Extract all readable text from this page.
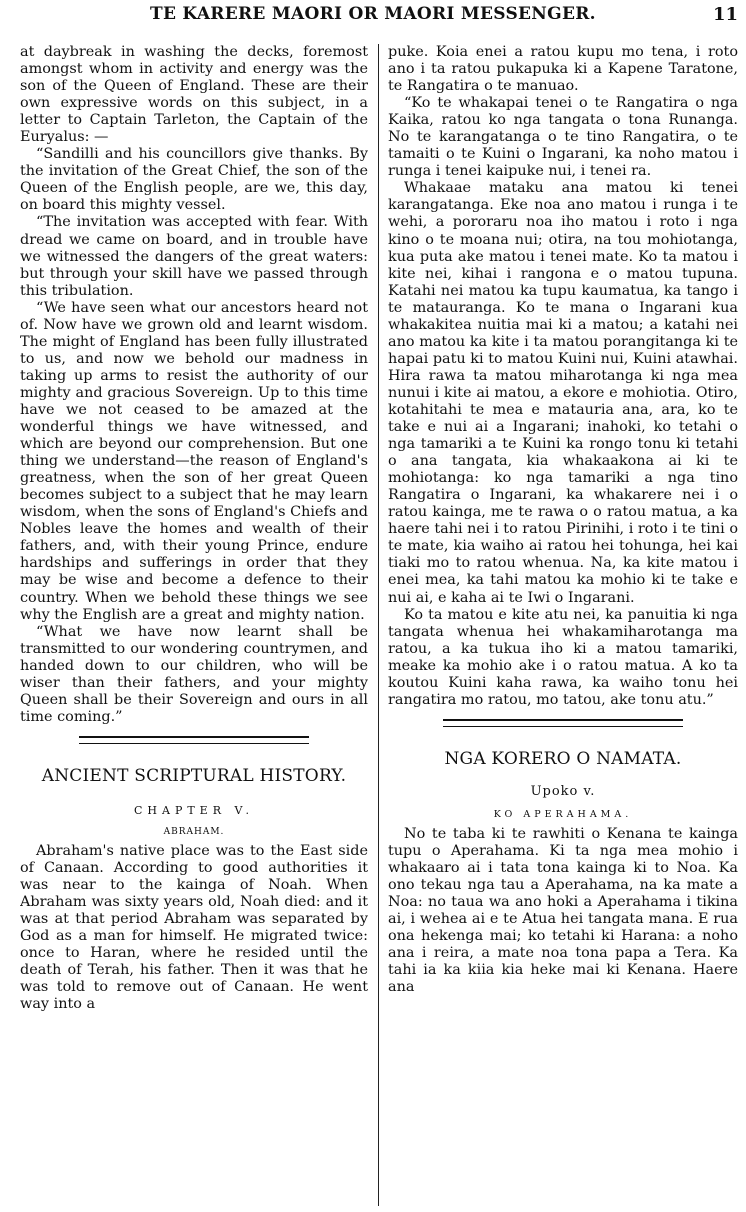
TE KARERE MAORI OR MAORI MESSENGER.	11

at daybreak in washing the decks, foremost amongst whom in activity and energy was the son of the Queen of England. These are their own expressive words on this subject, in a letter to Captain Tarleton, the Captain of the Euryalus: —

“Sandilli and his councillors give thanks. By the invitation of the Great Chief, the son of the Queen of the English people, are we, this day, on board this mighty vessel.

“The invitation was accepted with fear. With dread we came on board, and in trouble have we witnessed the dangers of the great waters: but through your skill have we passed through this tribulation.

“We have seen what our ancestors heard not of. Now have we grown old and learnt wisdom. The might of England has been fully illustrated to us, and now we behold our madness in taking up arms to resist the authority of our mighty and gracious Sovereign. Up to this time have we not ceased to be amazed at the wonderful things we have witnessed, and which are beyond our comprehension. But one thing we understand—the reason of England's greatness, when the son of her great Queen becomes subject to a subject that he may learn wisdom, when the sons of England's Chiefs and Nobles leave the homes and wealth of their fathers, and, with their young Prince, endure hardships and sufferings in order that they may be wise and become a defence to their country. When we behold these things we see why the English are a great and mighty nation.

“What we have now learnt shall be transmitted to our wondering countrymen, and handed down to our children, who will be wiser than their fathers, and your mighty Queen shall be their Sovereign and ours in all time coming.”

ANCIENT SCRIPTURAL HISTORY.
CHAPTER V.
ABRAHAM.

Abraham's native place was to the East side of Canaan. According to good authorities it was near to the kainga of Noah. When Abraham was sixty years old, Noah died: and it was at that period Abraham was separated by God as a man for himself. He migrated twice: once to Haran, where he resided until the death of Terah, his father. Then it was that he was told to remove out of Canaan. He went way into a

puke. Koia enei a ratou kupu mo tena, i roto ano i ta ratou pukapuka ki a Kapene Taratone, te Rangatira o te manuao.

“Ko te whakapai tenei o te Rangatira o nga Kaika, ratou ko nga tangata o tona Runanga. No te karangatanga o te tino Rangatira, o te tamaiti o te Kuini o Ingarani, ka noho matou i runga i tenei kaipuke nui, i tenei ra.

Whakaae mataku ana matou ki tenei karangatanga. Eke noa ano matou i runga i te wehi, a pororaru noa iho matou i roto i nga kino o te moana nui; otira, na tou mohiotanga, kua puta ake matou i tenei mate. Ko ta matou i kite nei, kihai i rangona e o matou tupuna. Katahi nei matou ka tupu kaumatua, ka tango i te matauranga. Ko te mana o Ingarani kua whakakitea nuitia mai ki a matou; a katahi nei ano matou ka kite i ta matou porangitanga ki te hapai patu ki to matou Kuini nui, Kuini atawhai. Hira rawa ta matou miharotanga ki nga mea nunui i kite ai matou, a ekore e mohiotia. Otiro, kotahitahi te mea e matauria ana, ara, ko te take e nui ai a Ingarani; inahoki, ko tetahi o nga tamariki a te Kuini ka rongo tonu ki tetahi o ana tangata, kia whakaakona ai ki te mohiotanga: ko nga tamariki a nga tino Rangatira o Ingarani, ka whakarere nei i o ratou kainga, me te rawa o o ratou matua, a ka haere tahi nei i to ratou Pirinihi, i roto i te tini o te mate, kia waiho ai ratou hei tohunga, hei kai tiaki mo to ratou whenua. Na, ka kite matou i enei mea, ka tahi matou ka mohio ki te take e nui ai, e kaha ai te Iwi o Ingarani.

Ko ta matou e kite atu nei, ka panuitia ki nga tangata whenua hei whakamiharotanga ma ratou, a ka tukua iho ki a matou tamariki, meake ka mohio ake i o ratou matua. A ko ta koutou Kuini kaha rawa, ka waiho tonu hei rangatira mo ratou, mo tatou, ake tonu atu.”

NGA KORERO O NAMATA.
Upoko v.
KO APERAHAMA.

No te taba ki te rawhiti o Kenana te kainga tupu o Aperahama. Ki ta nga mea mohio i whakaaro ai i tata tona kainga ki to Noa. Ka ono tekau nga tau a Aperahama, na ka mate a Noa: no taua wa ano hoki a Aperahama i tikina ai, i wehea ai e te Atua hei tangata mana. E rua ona hekenga mai; ko tetahi ki Harana: a noho ana i reira, a mate noa tona papa a Tera. Ka tahi ia ka kiia kia heke mai ki Kenana. Haere ana
